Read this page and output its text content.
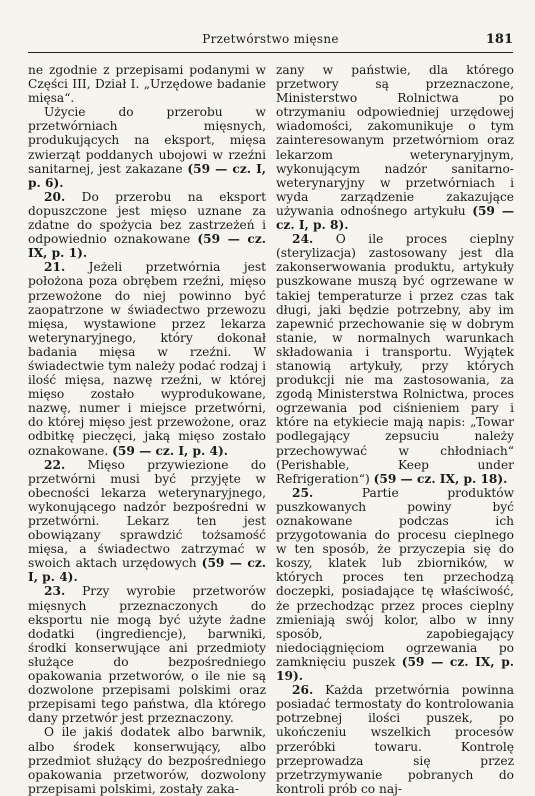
Przetwórstwo mięsne	181

ne zgodnie z przepisami podanymi w Części III, Dział I. „Urzędowe badanie mięsa“.

Użycie do przerobu w przetwórniach mięsnych, produkujących na eksport, mięsa zwierząt poddanych ubojowi w rzeźni sanitarnej, jest zakazane (59 — cz. I, p. 6).

20. Do przerobu na eksport dopuszczone jest mięso uznane za zdatne do spożycia bez zastrzeżeń i odpowiednio oznakowane (59 — cz. IX, p. 1).

21. Jeżeli przetwórnia jest położona poza obrębem rzeźni, mięso przewożone do niej powinno być zaopatrzone w świadectwo przewozu mięsa, wystawione przez lekarza weterynaryjnego, który dokonał badania mięsa w rzeźni. W świadectwie tym należy podać rodzaj i ilość mięsa, nazwę rzeźni, w której mięso zostało wyprodukowane, nazwę, numer i miejsce przetwórni, do której mięso jest przewożone, oraz odbitkę pieczęci, jaką mięso zostało oznakowane. (59 — cz. I, p. 4).

22. Mięso przywiezione do przetwórni musi być przyjęte w obecności lekarza weterynaryjnego, wykonującego nadzór bezpośredni w przetwórni. Lekarz ten jest obowiązany sprawdzić tożsamość mięsa, a świadectwo zatrzymać w swoich aktach urzędowych (59 — cz. I, p. 4).

23. Przy wyrobie przetworów mięsnych przeznaczonych do eksportu nie mogą być użyte żadne dodatki (ingrediencje), barwniki, środki konserwujące ani przedmioty służące do bezpośredniego opakowania przetworów, o ile nie są dozwolone przepisami polskimi oraz przepisami tego państwa, dla którego dany przetwór jest przeznaczony.

O ile jakiś dodatek albo barwnik, albo środek konserwujący, albo przedmiot służący do bezpośredniego opakowania przetworów, dozwolony przepisami polskimi, zostały zaka-

zany w państwie, dla którego przetwory są przeznaczone, Ministerstwo Rolnictwa po otrzymaniu odpowiedniej urzędowej wiadomości, zakomunikuje o tym zainteresowanym przetwórniom oraz lekarzom weterynaryjnym, wykonującym nadzór sanitarno-weterynaryjny w przetwórniach i wyda zarządzenie zakazujące używania odnośnego artykułu (59 — cz. I, p. 8).

24. O ile proces cieplny (sterylizacja) zastosowany jest dla zakonserwowania produktu, artykuły puszkowane muszą być ogrzewane w takiej temperaturze i przez czas tak długi, jaki będzie potrzebny, aby im zapewnić przechowanie się w dobrym stanie, w normalnych warunkach składowania i transportu. Wyjątek stanowią artykuły, przy których produkcji nie ma zastosowania, za zgodą Ministerstwa Rolnictwa, proces ogrzewania pod ciśnieniem pary i które na etykiecie mają napis: „Towar podlegający zepsuciu należy przechowywać w chłodniach“ (Perishable, Keep under Refrigeration“) (59 — cz. IX, p. 18).

25.	Partie produktów puszkowanych powiny być oznakowane podczas ich przygotowania do procesu cieplnego w ten sposób, że przyczepia się do koszy, klatek lub zbiorników, w których proces ten przechodzą doczepki, posiadające tę właściwość, że przechodząc przez proces cieplny zmieniają swój kolor, albo w inny sposób, zapobiegający niedociągnięciom ogrzewania po zamknięciu puszek (59 — cz. IX, p. 19).

26. Każda przetwórnia powinna posiadać termostaty do kontrolowania potrzebnej ilości puszek, po ukończeniu wszelkich procesów przeróbki towaru. Kontrolę przeprowadza się przez przetrzymywanie pobranych do kontroli prób co naj-
